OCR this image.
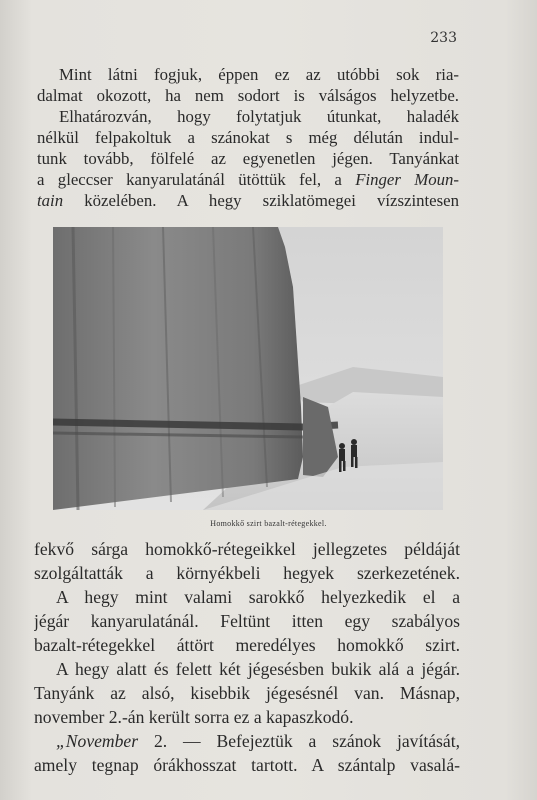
233
Mint látni fogjuk, éppen ez az utóbbi sok ria-
dalmat okozott, ha nem sodort is válságos helyzetbe.
Elhatározván, hogy folytatjuk útunkat, haladék
nélkül felpakoltuk a szánokat s még délután indul-
tunk tovább, fölfelé az egyenetlen jégen. Tanyánkat
a gleccser kanyarulatánál ütöttük fel, a Finger Moun-
tain közelében. A hegy sziklatömegei vízszintesen
Homokkő szirt bazalt-rétegekkel.
fekvő sárga homokkő-rétegeikkel jellegzetes példáját
szolgáltatták a környékbeli hegyek szerkezetének.
A hegy mint valami sarokkő helyezkedik el a
jégár kanyarulatánál. Feltünt itten egy szabályos
bazalt-rétegekkel áttört meredélyes homokkő szirt.
A hegy alatt és felett két jégesésben bukik alá a jégár.
Tanyánk az alsó, kisebbik jégesésnél van. Másnap,
november 2.-án került sorra ez a kapaszkodó.
„November 2. — Befejeztük a szánok javítását,
amely tegnap órákhosszat tartott. A szántalp vasalá-
